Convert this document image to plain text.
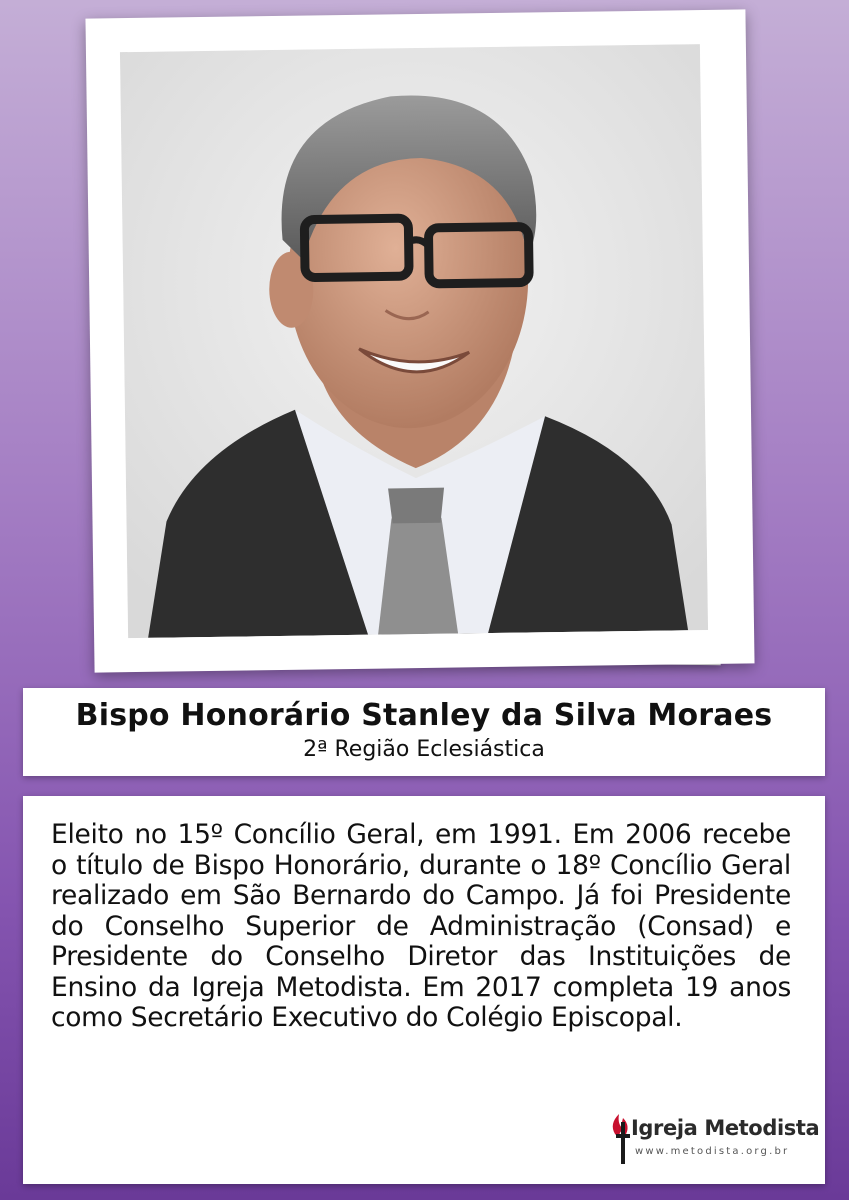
Bispo Honorário Stanley da Silva Moraes
2ª Região Eclesiástica
Eleito no 15º Concílio Geral, em 1991. Em 2006 recebe o título de Bispo Honorário, durante o 18º Concílio Geral realizado em São Bernardo do Campo. Já foi Presidente do Conselho Superior de Administração (Consad) e Presidente do Conselho Diretor das Instituições de Ensino da Igreja Metodista. Em 2017 completa 19 anos como Secretário Executivo do Colégio Episcopal.
Igreja Metodista
www.metodista.org.br
